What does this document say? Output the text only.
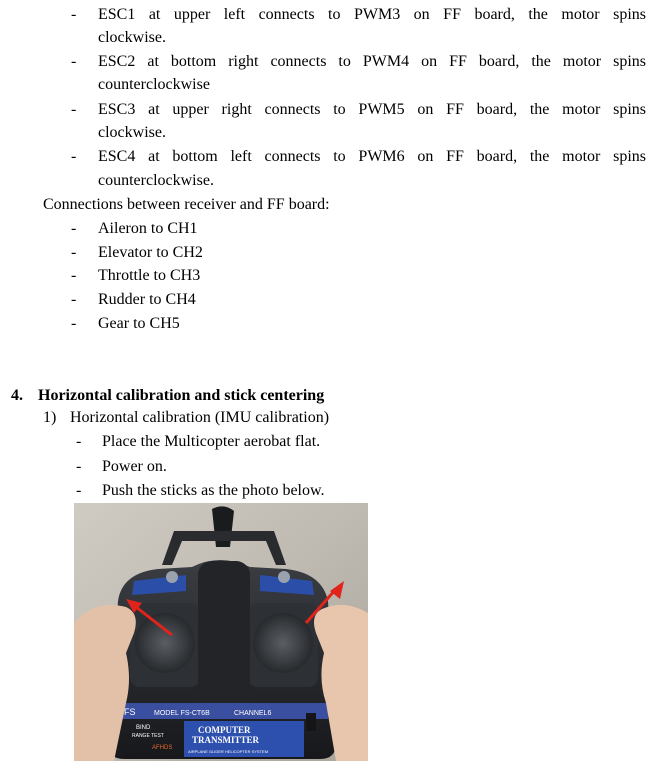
- ESC1 at upper left connects to PWM3 on FF board, the motor spins
clockwise.
- ESC2 at bottom right connects to PWM4 on FF board, the motor spins
counterclockwise
- ESC3 at upper right connects to PWM5 on FF board, the motor spins
clockwise.
- ESC4 at bottom left connects to PWM6 on FF board, the motor spins
counterclockwise.
Connections between receiver and FF board:
- Aileron to CH1
- Elevator to CH2
- Throttle to CH3
- Rudder to CH4
- Gear to CH5
4. Horizontal calibration and stick centering
1) Horizontal calibration (IMU calibration)
- Place the Multicopter aerobat flat.
- Power on.
- Push the sticks as the photo below.
FS	MODEL FS-CT6B	CHANNEL6
COMPUTER
TRANSMITTER
AFHDS
AIRPLANE GLIDER HELICOPTER SYSTEM
BIND
RANGE TEST
